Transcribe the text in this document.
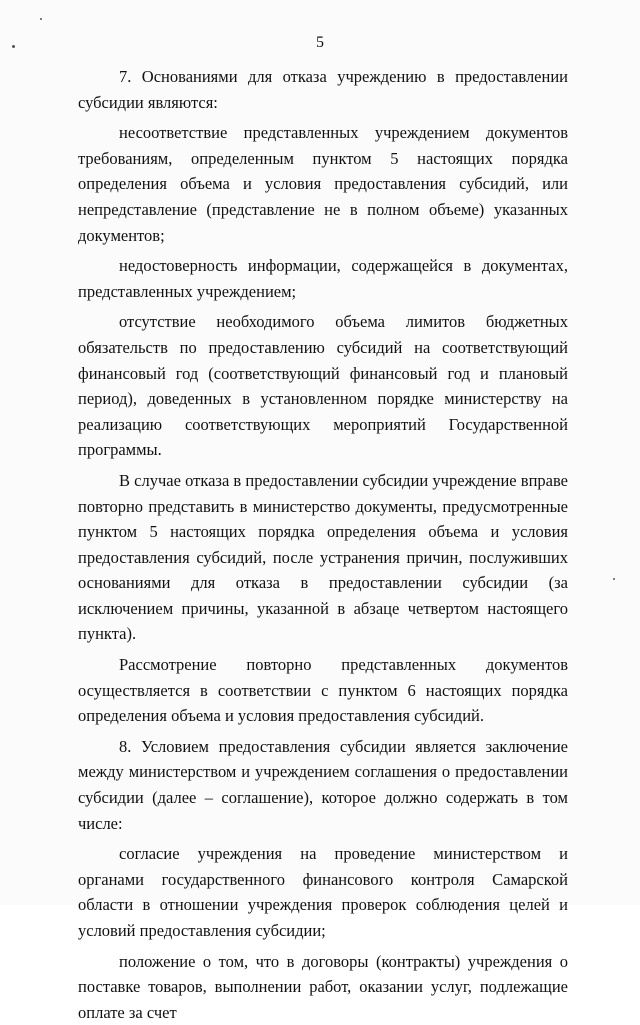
5

7. Основаниями для отказа учреждению в предоставлении субсидии являются:

несоответствие представленных учреждением документов требованиям, определенным пунктом 5 настоящих порядка определения объема и условия предоставления субсидий, или непредставление (представление не в полном объеме) указанных документов;

недостоверность информации, содержащейся в документах, представленных учреждением;

отсутствие необходимого объема лимитов бюджетных обязательств по предоставлению субсидий на соответствующий финансовый год (соответствующий финансовый год и плановый период), доведенных в установленном порядке министерству на реализацию соответствующих мероприятий Государственной программы.

В случае отказа в предоставлении субсидии учреждение вправе повторно представить в министерство документы, предусмотренные пунктом 5 настоящих порядка определения объема и условия предоставления субсидий, после устранения причин, послуживших основаниями для отказа в предоставлении субсидии (за исключением причины, указанной в абзаце четвертом настоящего пункта).

Рассмотрение повторно представленных документов осуществляется в соответствии с пунктом 6 настоящих порядка определения объема и условия предоставления субсидий.

8. Условием предоставления субсидии является заключение между министерством и учреждением соглашения о предоставлении субсидии (далее – соглашение), которое должно содержать в том числе:

согласие учреждения на проведение министерством и органами государственного финансового контроля Самарской области в отношении учреждения проверок соблюдения целей и условий предоставления субсидии;

положение о том, что в договоры (контракты) учреждения о поставке товаров, выполнении работ, оказании услуг, подлежащие оплате за счет
